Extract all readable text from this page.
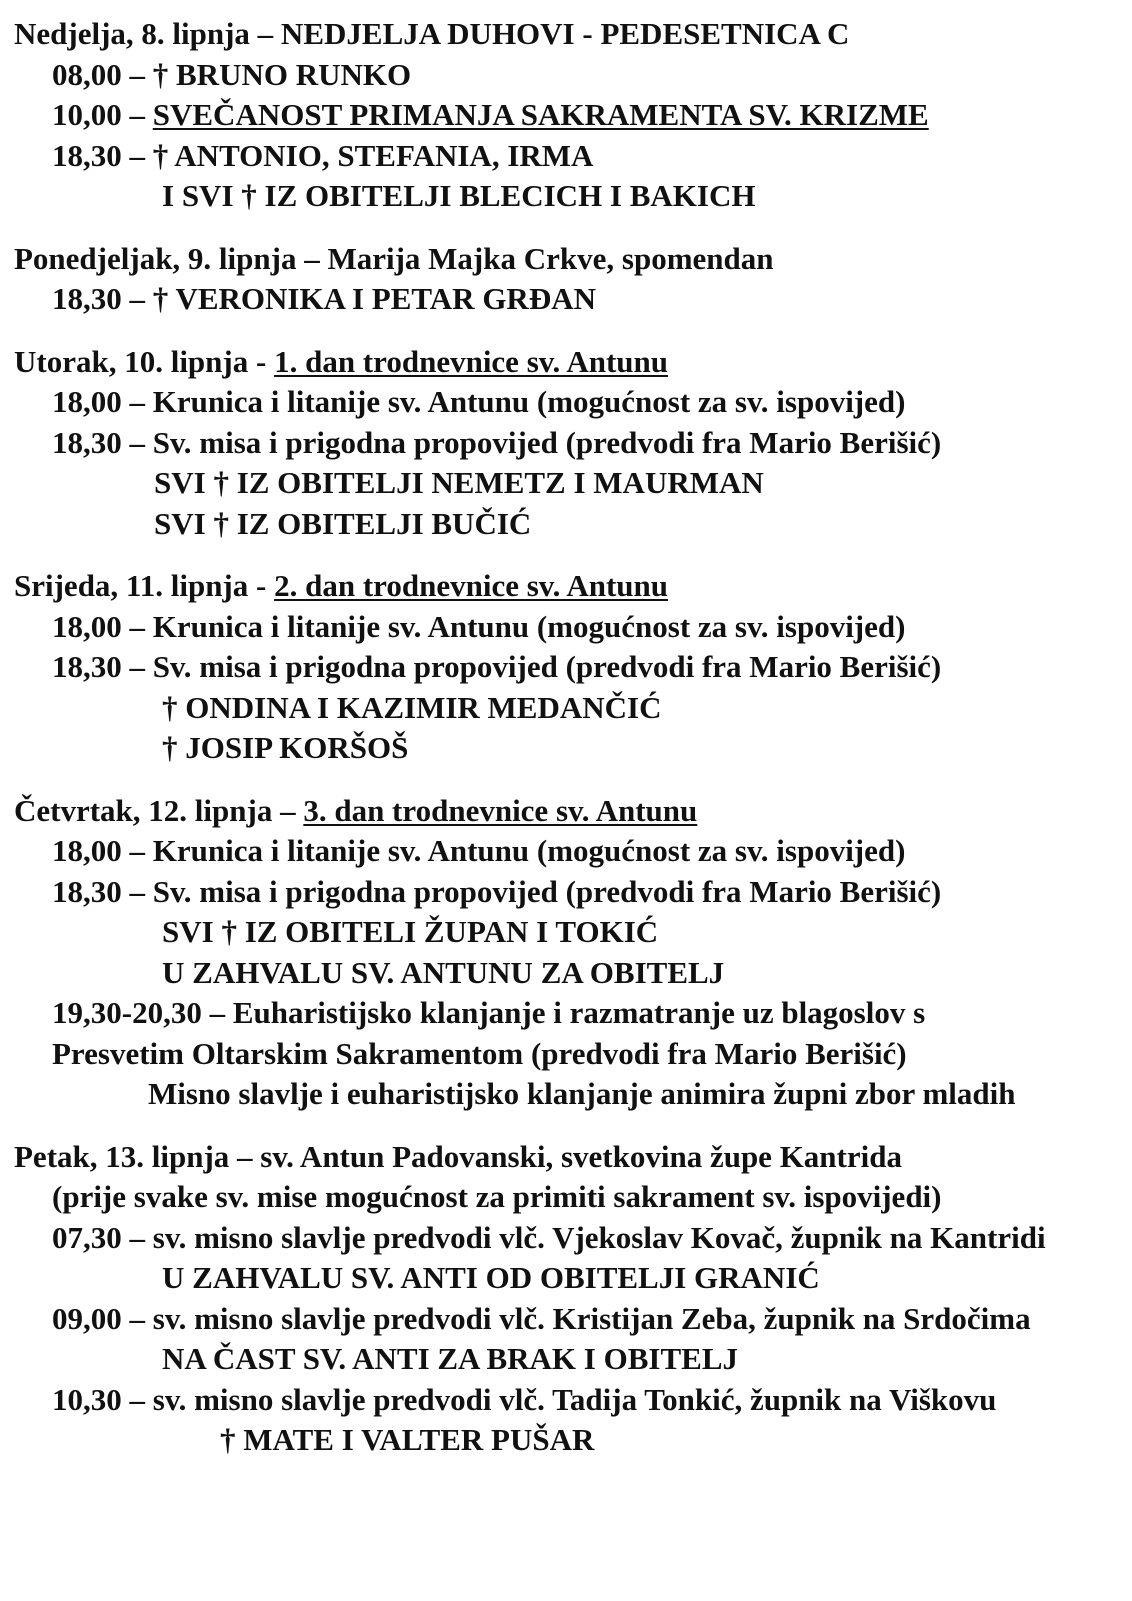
Nedjelja, 8. lipnja – NEDJELJA DUHOVI - PEDESETNICA C
08,00 – † BRUNO RUNKO
10,00 – SVEČANOST PRIMANJA SAKRAMENTA SV. KRIZME
18,30 – † ANTONIO, STEFANIA, IRMA
I SVI † IZ OBITELJI BLECICH I BAKICH
Ponedjeljak, 9. lipnja – Marija Majka Crkve, spomendan
18,30 – † VERONIKA I PETAR GRĐAN
Utorak, 10. lipnja - 1. dan trodnevnice sv. Antunu
18,00 – Krunica i litanije sv. Antunu (mogućnost za sv. ispovijed)
18,30 – Sv. misa i prigodna propovijed (predvodi fra Mario Berišić)
SVI † IZ OBITELJI NEMETZ I MAURMAN
SVI † IZ OBITELJI BUČIĆ
Srijeda, 11. lipnja - 2. dan trodnevnice sv. Antunu
18,00 – Krunica i litanije sv. Antunu (mogućnost za sv. ispovijed)
18,30 – Sv. misa i prigodna propovijed (predvodi fra Mario Berišić)
† ONDINA I KAZIMIR MEDANČIĆ
† JOSIP KORŠOŠ
Četvrtak, 12. lipnja – 3. dan trodnevnice sv. Antunu
18,00 – Krunica i litanije sv. Antunu (mogućnost za sv. ispovijed)
18,30 – Sv. misa i prigodna propovijed (predvodi fra Mario Berišić)
SVI † IZ OBITELI ŽUPAN I TOKIĆ
U ZAHVALU SV. ANTUNU ZA OBITELJ
19,30-20,30 – Euharistijsko klanjanje i razmatranje uz blagoslov s
Presvetim Oltarskim Sakramentom (predvodi fra Mario Berišić)
Misno slavlje i euharistijsko klanjanje animira župni zbor mladih
Petak, 13. lipnja – sv. Antun Padovanski, svetkovina župe Kantrida
(prije svake sv. mise mogućnost za primiti sakrament sv. ispovijedi)
07,30 – sv. misno slavlje predvodi vlč. Vjekoslav Kovač, župnik na Kantridi
U ZAHVALU SV. ANTI OD OBITELJI GRANIĆ
09,00 – sv. misno slavlje predvodi vlč. Kristijan Zeba, župnik na Srdočima
NA ČAST SV. ANTI ZA BRAK I OBITELJ
10,30 – sv. misno slavlje predvodi vlč. Tadija Tonkić, župnik na Viškovu
† MATE I VALTER PUŠAR
